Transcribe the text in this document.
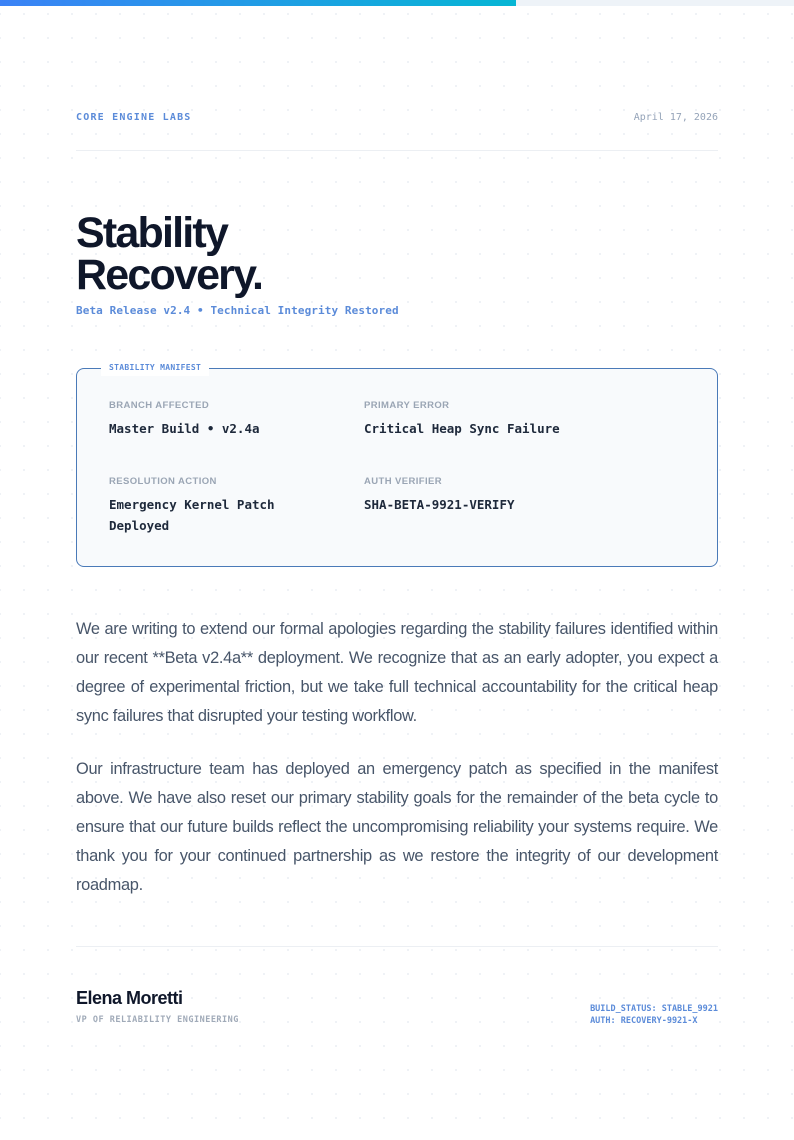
CORE ENGINE LABS	April 17, 2026
Stability
Recovery.
Beta Release v2.4 • Technical Integrity Restored
STABILITY MANIFEST
BRANCH AFFECTED
Master Build • v2.4a
PRIMARY ERROR
Critical Heap Sync Failure
RESOLUTION ACTION
Emergency Kernel Patch Deployed
AUTH VERIFIER
SHA-BETA-9921-VERIFY

We are writing to extend our formal apologies regarding the stability failures identified within our recent **Beta v2.4a** deployment. We recognize that as an early adopter, you expect a degree of experimental friction, but we take full technical accountability for the critical heap sync failures that disrupted your testing workflow.

Our infrastructure team has deployed an emergency patch as specified in the manifest above. We have also reset our primary stability goals for the remainder of the beta cycle to ensure that our future builds reflect the uncompromising reliability your systems require. We thank you for your continued partnership as we restore the integrity of our development roadmap.

Elena Moretti
VP OF RELIABILITY ENGINEERING
BUILD_STATUS: STABLE_9921
AUTH: RECOVERY-9921-X
